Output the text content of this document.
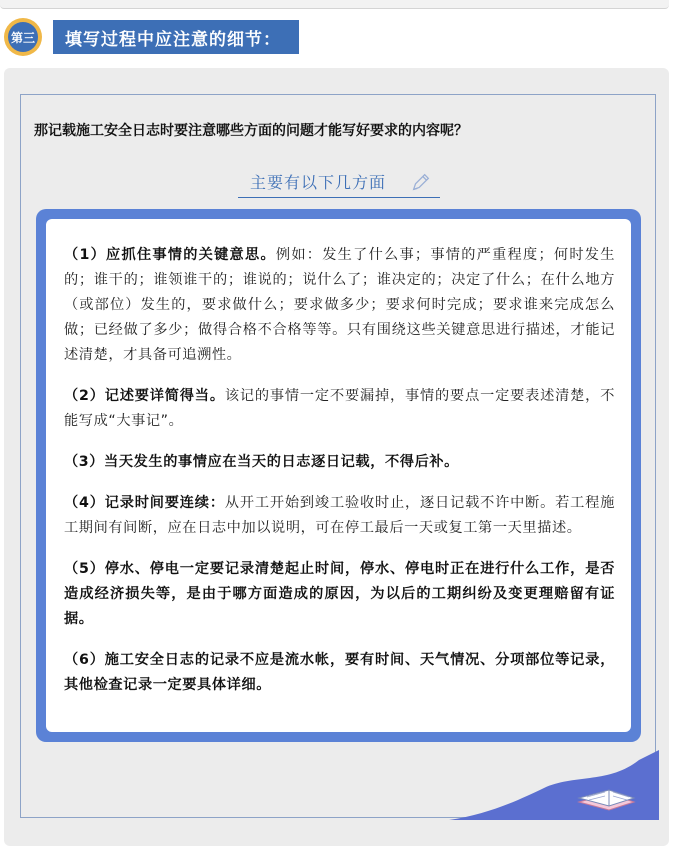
第三	填写过程中应注意的细节：
那记载施工安全日志时要注意哪些方面的问题才能写好要求的内容呢？
主要有以下几方面

（1）应抓住事情的关键意思。例如：发生了什么事；事情的严重程度；何时发生的；谁干的；谁领谁干的；谁说的；说什么了；谁决定的；决定了什么；在什么地方（或部位）发生的，要求做什么；要求做多少；要求何时完成；要求谁来完成怎么做；已经做了多少；做得合格不合格等等。只有围绕这些关键意思进行描述，才能记述清楚，才具备可追溯性。

（2）记述要详简得当。该记的事情一定不要漏掉，事情的要点一定要表述清楚，不能写成“大事记”。

（3）当天发生的事情应在当天的日志逐日记载，不得后补。

（4）记录时间要连续：从开工开始到竣工验收时止，逐日记载不许中断。若工程施工期间有间断，应在日志中加以说明，可在停工最后一天或复工第一天里描述。

（5）停水、停电一定要记录清楚起止时间，停水、停电时正在进行什么工作，是否造成经济损失等，是由于哪方面造成的原因，为以后的工期纠纷及变更理赔留有证据。

（6）施工安全日志的记录不应是流水帐，要有时间、天气情况、分项部位等记录，其他检查记录一定要具体详细。
